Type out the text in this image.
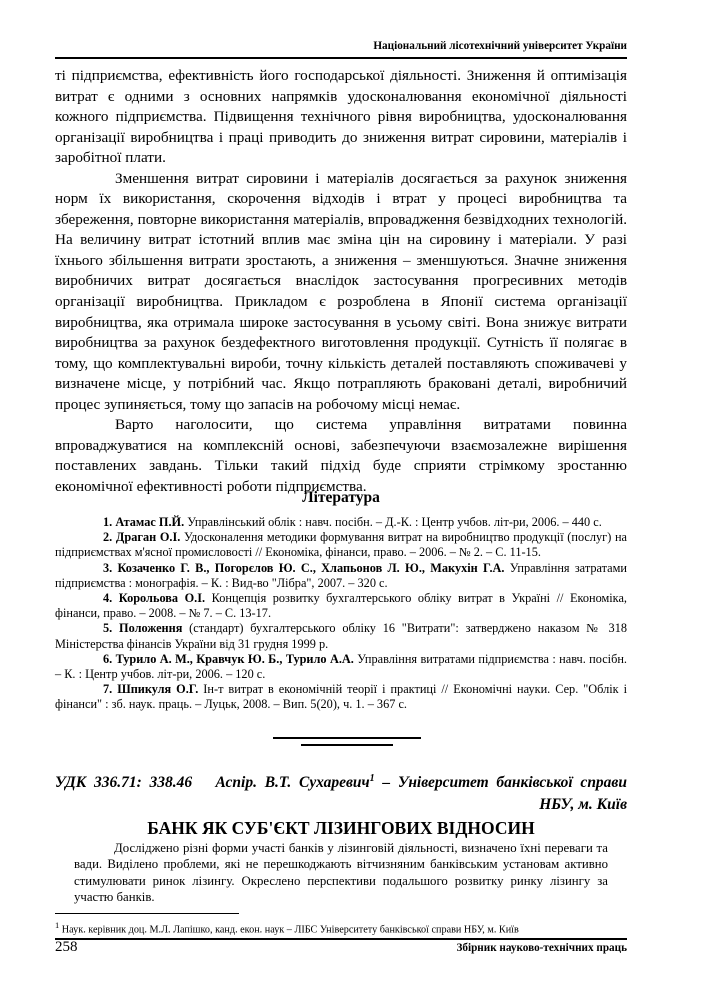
Національний лісотехнічний університет України

ті підприємства, ефективність його господарської діяльності. Зниження й оптимізація витрат є одними з основних напрямків удосконалювання економічної діяльності кожного підприємства. Підвищення технічного рівня виробництва, удосконалювання організації виробництва і праці приводить до зниження витрат сировини, матеріалів і заробітної плати.

Зменшення витрат сировини і матеріалів досягається за рахунок зниження норм їх використання, скорочення відходів і втрат у процесі виробництва та збереження, повторне використання матеріалів, впровадження безвідходних технологій. На величину витрат істотний вплив має зміна цін на сировину і матеріали. У разі їхнього збільшення витрати зростають, а зниження – зменшуються. Значне зниження виробничих витрат досягається внаслідок застосування прогресивних методів організації виробництва. Прикладом є розроблена в Японії система організації виробництва, яка отримала широке застосування в усьому світі. Вона знижує витрати виробництва за рахунок бездефектного виготовлення продукції. Сутність її полягає в тому, що комплектувальні вироби, точну кількість деталей поставляють споживачеві у визначене місце, у потрібний час. Якщо потрапляють браковані деталі, виробничий процес зупиняється, тому що запасів на робочому місці немає.

Варто наголосити, що система управління витратами повинна впроваджуватися на комплексній основі, забезпечуючи взаємозалежне вирішення поставлених завдань. Тільки такий підхід буде сприяти стрімкому зростанню економічної ефективності роботи підприємства.

Література

1. Атамас П.Й. Управлінський облік : навч. посібн. – Д.-К. : Центр учбов. літ-ри, 2006. – 440 с.

2. Драган О.І. Удосконалення методики формування витрат на виробництво продукції (послуг) на підприємствах м'ясної промисловості // Економіка, фінанси, право. – 2006. – № 2. – С. 11-15.

3. Козаченко Г. В., Погорєлов Ю. С., Хлапьонов Л. Ю., Макухін Г.А. Управління затратами підприємства : монографія. – К. : Вид-во "Лібра", 2007. – 320 с.

4. Корольова О.І. Концепція розвитку бухгалтерського обліку витрат в Україні // Економіка, фінанси, право. – 2008. – № 7. – С. 13-17.

5. Положення (стандарт) бухгалтерського обліку 16 "Витрати": затверджено наказом № 318 Міністерства фінансів України від 31 грудня 1999 р.

6. Турило А. М., Кравчук Ю. Б., Турило А.А. Управління витратами підприємства : навч. посібн. – К. : Центр учбов. літ-ри, 2006. – 120 с.

7. Шпикуля О.Г. Ін-т витрат в економічній теорії і практиці // Економічні науки. Сер. "Облік і фінанси" : зб. наук. праць. – Луцьк, 2008. – Вип. 5(20), ч. 1. – 367 с.

УДК 336.71: 338.46 Аспір. В.Т. Сухаревич$^1$ – Університет банківської справи
НБУ, м. Київ
БАНК ЯК СУБ'ЄКТ ЛІЗИНГОВИХ ВІДНОСИН
Досліджено різні форми участі банків у лізинговій діяльності, визначено їхні переваги та вади. Виділено проблеми, які не перешкоджають вітчизняним банківським установам активно стимулювати ринок лізингу. Окреслено перспективи подальшого розвитку ринку лізингу за участю банків.
$^1$ Наук. керівник доц. М.Л. Лапішко, канд. екон. наук – ЛІБС Університету банківської справи НБУ, м. Київ
258	Збірник науково-технічних праць
